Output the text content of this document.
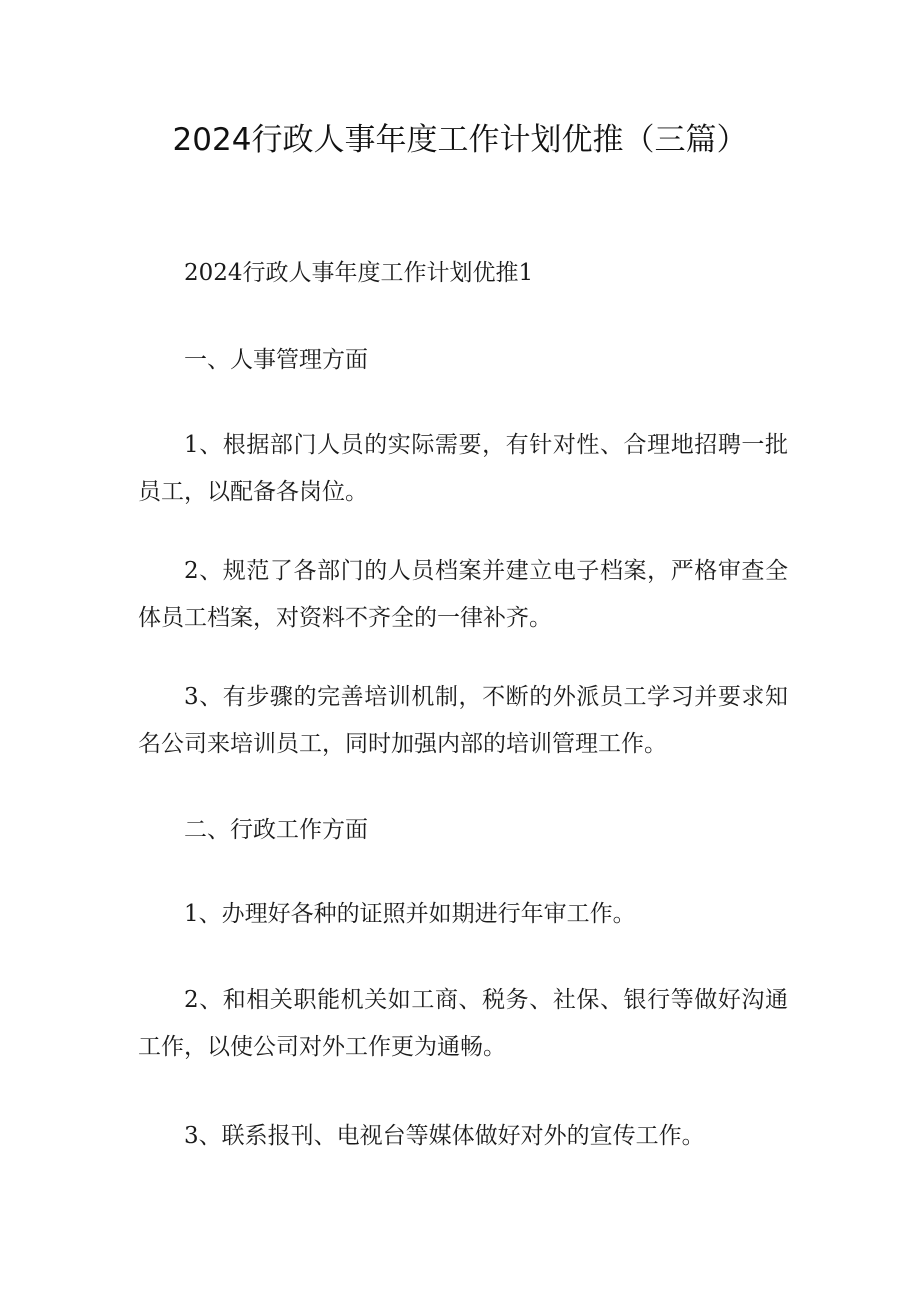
2024行政人事年度工作计划优推（三篇）

2024行政人事年度工作计划优推1

一、人事管理方面

1、根据部门人员的实际需要，有针对性、合理地招聘一批员工，以配备各岗位。

2、规范了各部门的人员档案并建立电子档案，严格审查全体员工档案，对资料不齐全的一律补齐。

3、有步骤的完善培训机制，不断的外派员工学习并要求知名公司来培训员工，同时加强内部的培训管理工作。

二、行政工作方面

1、办理好各种的证照并如期进行年审工作。

2、和相关职能机关如工商、税务、社保、银行等做好沟通工作，以使公司对外工作更为通畅。

3、联系报刊、电视台等媒体做好对外的宣传工作。
